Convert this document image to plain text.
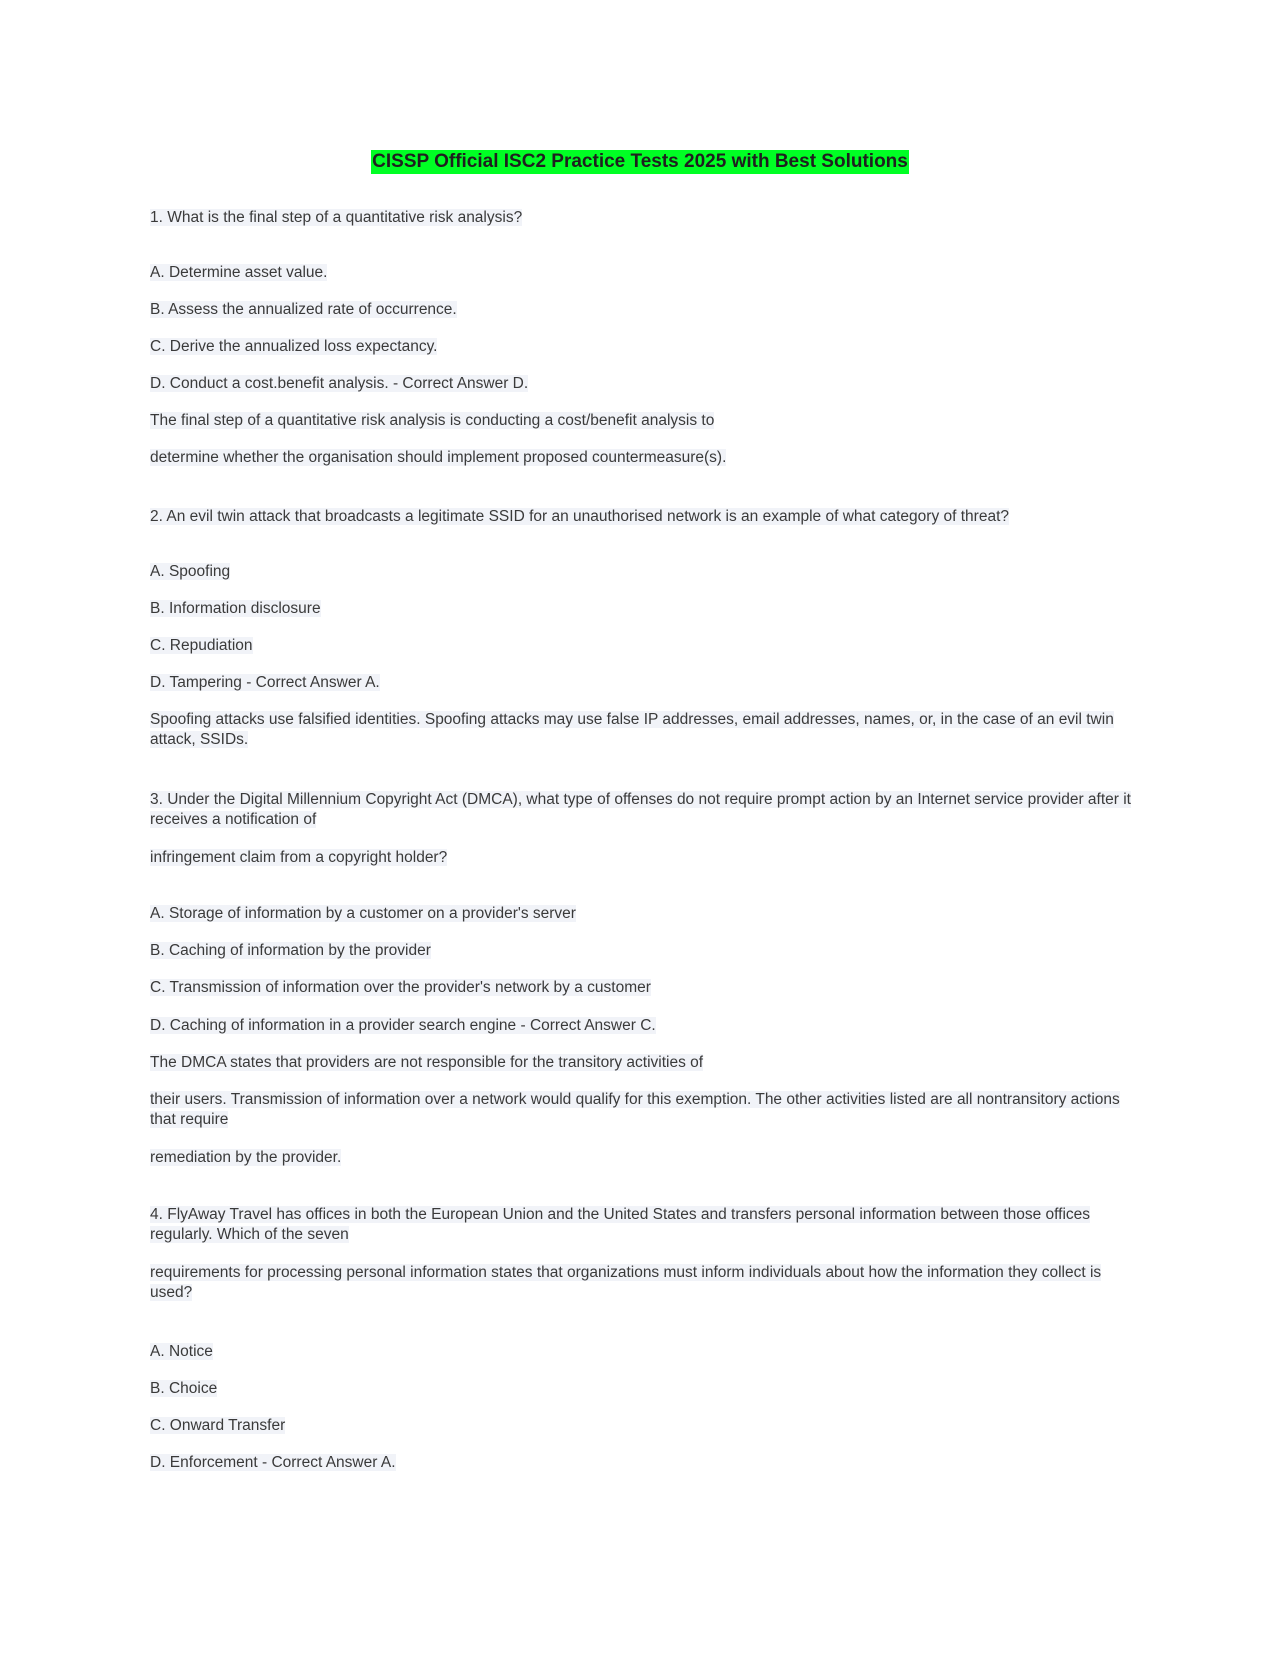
CISSP Official ISC2 Practice Tests 2025 with Best Solutions
1. What is the final step of a quantitative risk analysis?
A. Determine asset value.
B. Assess the annualized rate of occurrence.
C. Derive the annualized loss expectancy.
D. Conduct a cost.benefit analysis. - Correct Answer D.
The final step of a quantitative risk analysis is conducting a cost/benefit analysis to
determine whether the organisation should implement proposed countermeasure(s).
2. An evil twin attack that broadcasts a legitimate SSID for an unauthorised network is an example of what category of threat?
A. Spoofing
B. Information disclosure
C. Repudiation
D. Tampering - Correct Answer A.
Spoofing attacks use falsified identities. Spoofing attacks may use false IP addresses, email addresses, names, or, in the case of an evil twin attack, SSIDs.
3. Under the Digital Millennium Copyright Act (DMCA), what type of offenses do not require prompt action by an Internet service provider after it receives a notification of
infringement claim from a copyright holder?
A. Storage of information by a customer on a provider's server
B. Caching of information by the provider
C. Transmission of information over the provider's network by a customer
D. Caching of information in a provider search engine - Correct Answer C.
The DMCA states that providers are not responsible for the transitory activities of
their users. Transmission of information over a network would qualify for this exemption. The other activities listed are all nontransitory actions that require
remediation by the provider.
4. FlyAway Travel has offices in both the European Union and the United States and transfers personal information between those offices regularly. Which of the seven
requirements for processing personal information states that organizations must inform individuals about how the information they collect is used?
A. Notice
B. Choice
C. Onward Transfer
D. Enforcement - Correct Answer A.
